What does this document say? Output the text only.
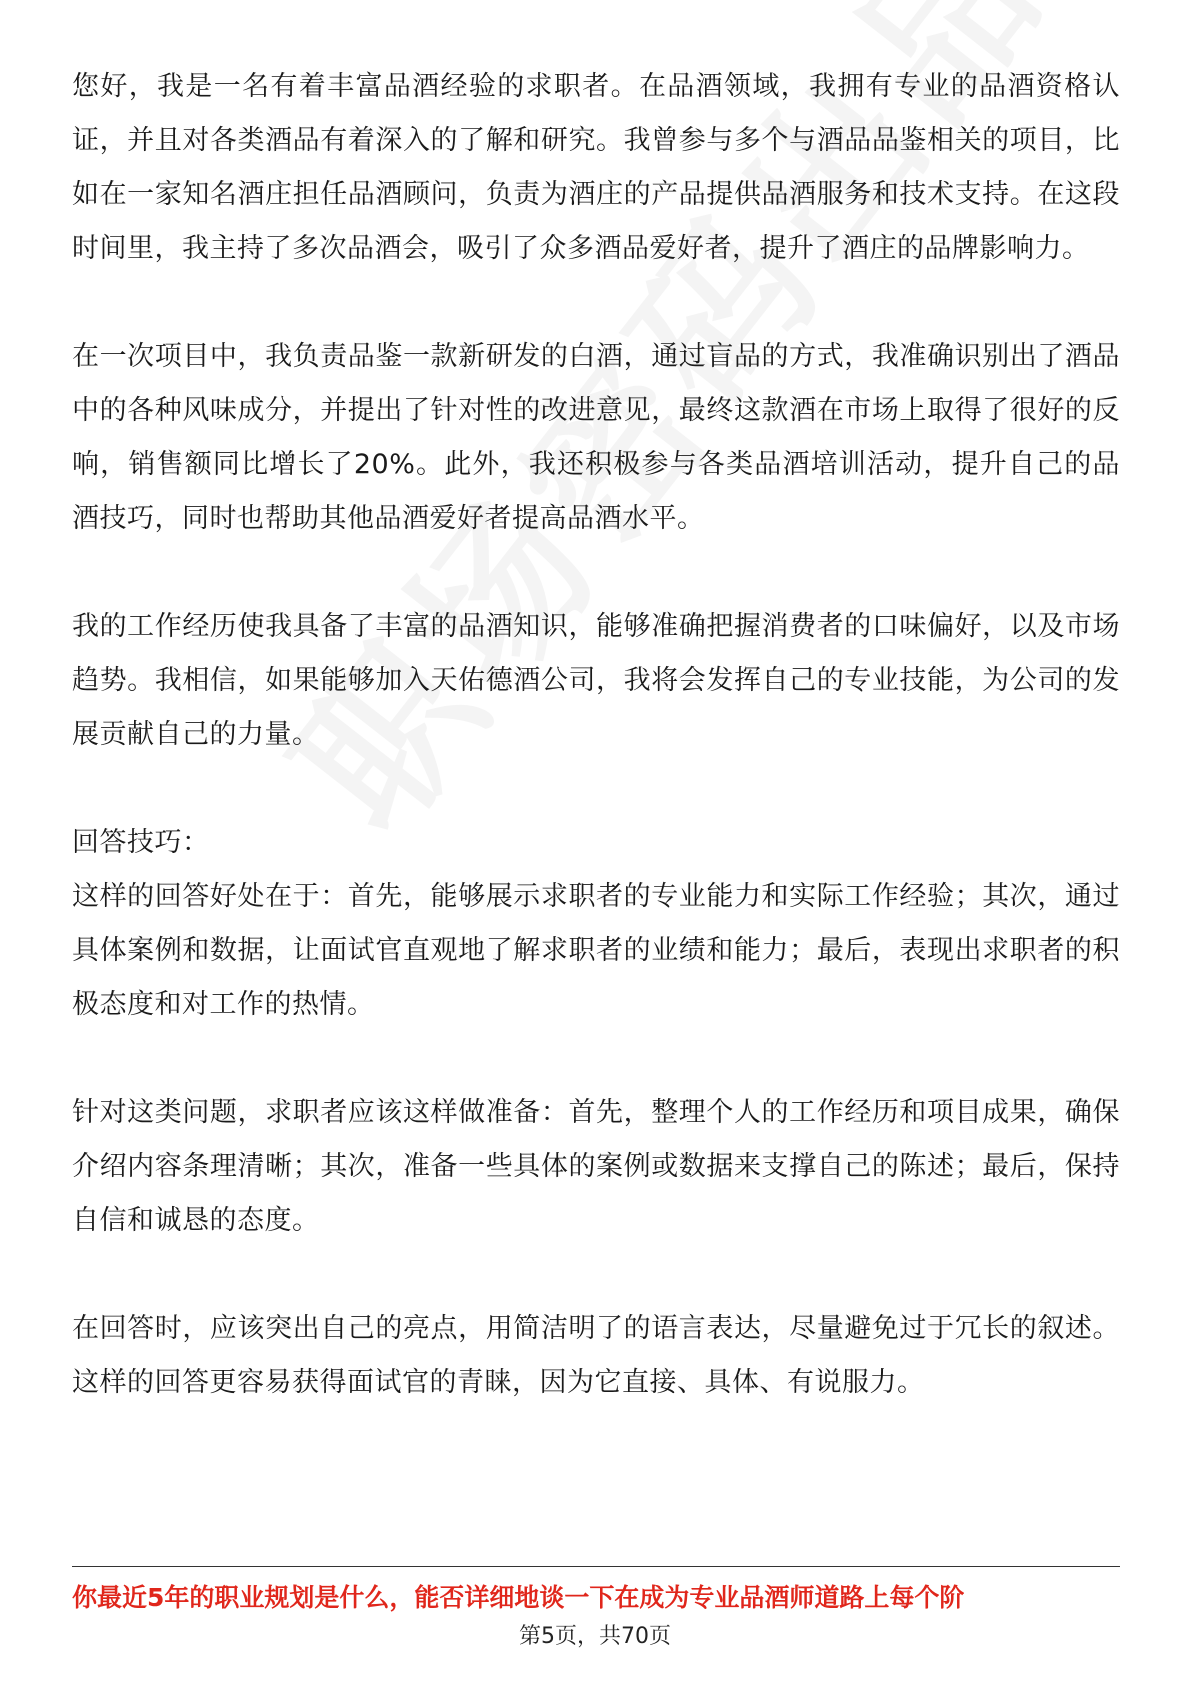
您好，我是一名有着丰富品酒经验的求职者。在品酒领域，我拥有专业的品酒资格认证，并且对各类酒品有着深入的了解和研究。我曾参与多个与酒品品鉴相关的项目，比如在一家知名酒庄担任品酒顾问，负责为酒庄的产品提供品酒服务和技术支持。在这段时间里，我主持了多次品酒会，吸引了众多酒品爱好者，提升了酒庄的品牌影响力。

在一次项目中，我负责品鉴一款新研发的白酒，通过盲品的方式，我准确识别出了酒品中的各种风味成分，并提出了针对性的改进意见，最终这款酒在市场上取得了很好的反响，销售额同比增长了20%。此外，我还积极参与各类品酒培训活动，提升自己的品酒技巧，同时也帮助其他品酒爱好者提高品酒水平。

我的工作经历使我具备了丰富的品酒知识，能够准确把握消费者的口味偏好，以及市场趋势。我相信，如果能够加入天佑德酒公司，我将会发挥自己的专业技能，为公司的发展贡献自己的力量。

回答技巧：

这样的回答好处在于：首先，能够展示求职者的专业能力和实际工作经验；其次，通过具体案例和数据，让面试官直观地了解求职者的业绩和能力；最后，表现出求职者的积极态度和对工作的热情。

针对这类问题，求职者应该这样做准备：首先，整理个人的工作经历和项目成果，确保介绍内容条理清晰；其次，准备一些具体的案例或数据来支撑自己的陈述；最后，保持自信和诚恳的态度。

在回答时，应该突出自己的亮点，用简洁明了的语言表达，尽量避免过于冗长的叙述。这样的回答更容易获得面试官的青睐，因为它直接、具体、有说服力。

你最近5年的职业规划是什么，能否详细地谈一下在成为专业品酒师道路上每个阶
第5页，共70页
